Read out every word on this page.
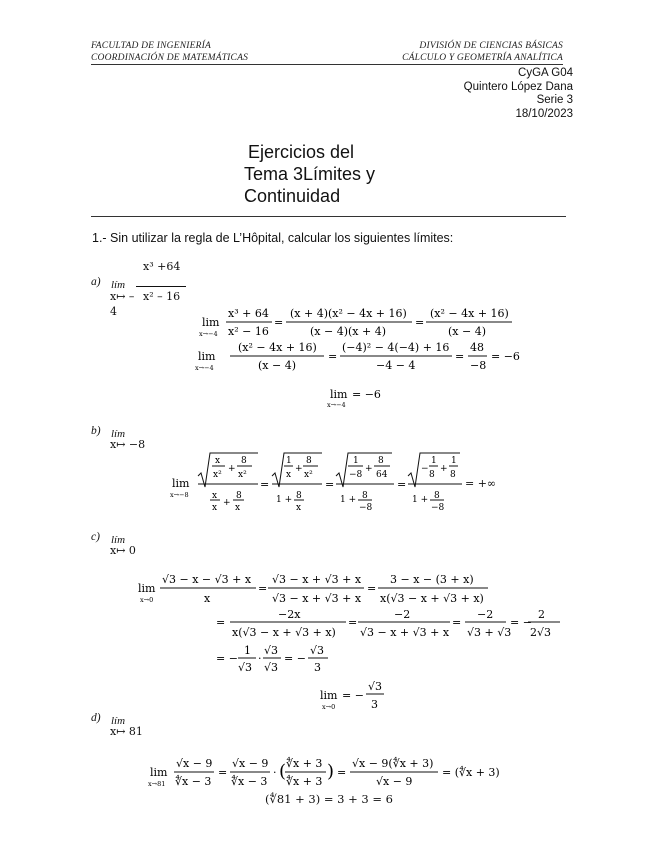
FACULTAD DE INGENIERÍA
COORDINACIÓN DE MATEMÁTICAS
DIVISIÓN DE CIENCIAS BÁSICAS
CÁLCULO Y GEOMETRÍA ANALÍTICA
CyGA G04
Quintero López Dana
Serie 3
18/10/2023
Ejercicios del
Tema 3Límites y
Continuidad
1.- Sin utilizar la regla de L’Hôpital, calcular los siguientes límites:
a) lím
x↦ –
4
x³ +64
x² – 16
lim
x→−4
x³ + 64
x² − 16
=
(x + 4)(x² − 4x + 16)
(x − 4)(x + 4)
=
(x² − 4x + 16)
(x − 4)
lim
x→−4
(x² − 4x + 16)
(x − 4)
=
(−4)² − 4(−4) + 16
−4 − 4
=
48
−8
= −6
lim
x→−4
= −6
b) lím
x↦ −8
lim
x→−8
x
x²
+
8
x²
x
x +
8
x
=
1
x
+
8
x²
1 + 8
x
=
1
−8
+
8
64
1 + 8
−8
=
−
1
8
+
1
8
1 + 8
−8
= +∞
c) lím
x↦ 0
lim
x→0
√3 − x − √3 + x
x
=
√3 − x + √3 + x
√3 − x + √3 + x
=
3 − x − (3 + x)
x(√3 − x + √3 + x)
=
−2x
x(√3 − x + √3 + x)
=
−2
√3 − x + √3 + x
=
−2
√3 + √3
= −
2
2√3
= −
1
√3
·
√3
√3
= −
√3
3
lim
x→0
= −
√3
3
d) lím
x↦ 81
lim
x→81
√x − 9
∜x − 3
=
√x − 9
∜x − 3
· ( ∜x + 3
∜x + 3 ) =
√x − 9(∜x + 3)
√x − 9
= (∜x + 3)
(∜81 + 3) = 3 + 3 = 6
